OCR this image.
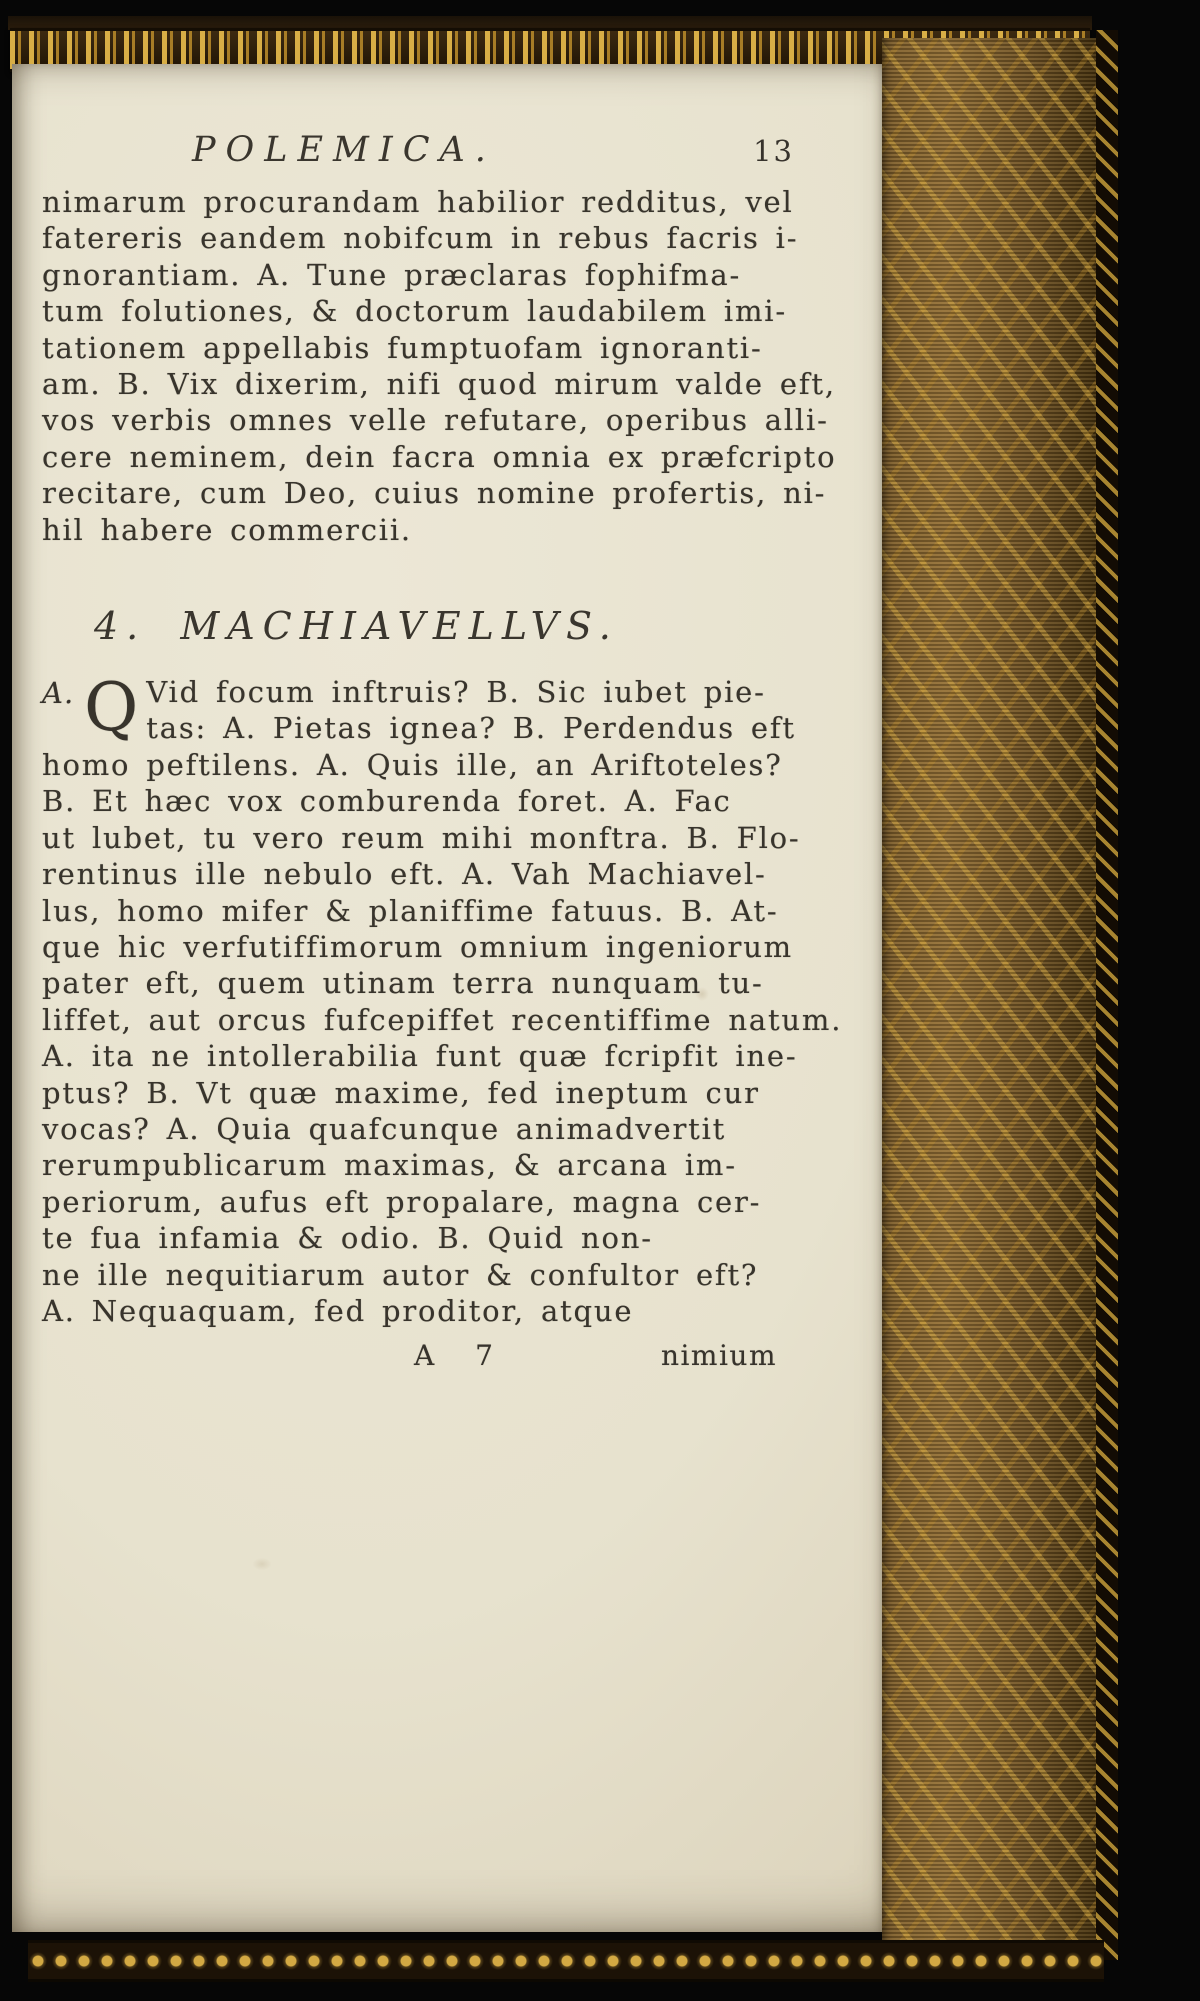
POLEMICA.	13
nimarum procurandam habilior redditus, vel
fatereris eandem nobifcum in rebus facris i-
gnorantiam. A. Tune præclaras fophifma-
tum folutiones, & doctorum laudabilem imi-
tationem appellabis fumptuofam ignoranti-
am. B. Vix dixerim, nifi quod mirum valde eft,
vos verbis omnes velle refutare, operibus alli-
cere neminem, dein facra omnia ex præfcripto
recitare, cum Deo, cuius nomine profertis, ni-
hil habere commercii.
4. MACHIAVELLVS.
A. Q Vid focum inftruis? B. Sic iubet pie-
tas: A. Pietas ignea? B. Perdendus eft
homo peftilens. A. Quis ille, an Ariftoteles?
B. Et hæc vox comburenda foret. A. Fac
ut lubet, tu vero reum mihi monftra. B. Flo-
rentinus ille nebulo eft. A. Vah Machiavel-
lus, homo mifer & planiffime fatuus. B. At-
que hic verfutiffimorum omnium ingeniorum
pater eft, quem utinam terra nunquam tu-
liffet, aut orcus fufcepiffet recentiffime natum.
A. ita ne intollerabilia funt quæ fcripfit ine-
ptus? B. Vt quæ maxime, fed ineptum cur
vocas? A. Quia quafcunque animadvertit
rerumpublicarum maximas, & arcana im-
periorum, aufus eft propalare, magna cer-
te fua infamia & odio. B. Quid non-
ne ille nequitiarum autor & confultor eft?
A. Nequaquam, fed proditor, atque
A 7	nimium
